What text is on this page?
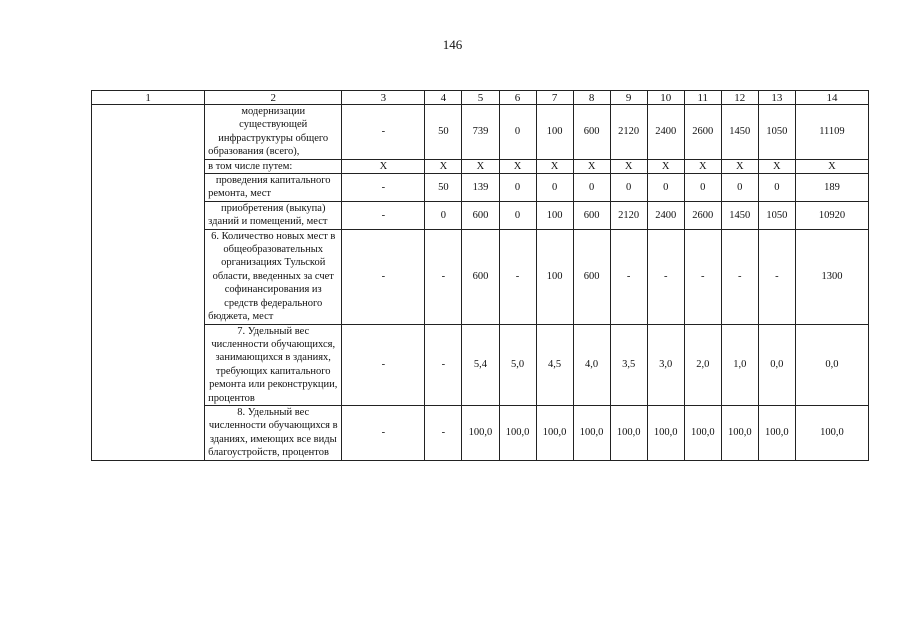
146
1	2	3	4	5	6	7	8	9	10	11	12	13	14
	модернизации существующей инфраструктуры общего образования (всего),	-	50	739	0	100	600	2120	2400	2600	1450	1050	11109
	в том числе путем:	X	X	X	X	X	X	X	X	X	X	X	X
	проведения капитального ремонта, мест	-	50	139	0	0	0	0	0	0	0	0	189
	приобретения (выкупа) зданий и помещений, мест	-	0	600	0	100	600	2120	2400	2600	1450	1050	10920
	6. Количество новых мест в общеобразовательных организациях Тульской области, введенных за счет софинансирования из средств федерального бюджета, мест	-	-	600	-	100	600	-	-	-	-	-	1300
	7. Удельный вес численности обучающихся, занимающихся в зданиях, требующих капитального ремонта или реконструкции, процентов	-	-	5,4	5,0	4,5	4,0	3,5	3,0	2,0	1,0	0,0	0,0
	8. Удельный вес численности обучающихся в зданиях, имеющих все виды благоустройств, процентов	-	-	100,0	100,0	100,0	100,0	100,0	100,0	100,0	100,0	100,0	100,0
